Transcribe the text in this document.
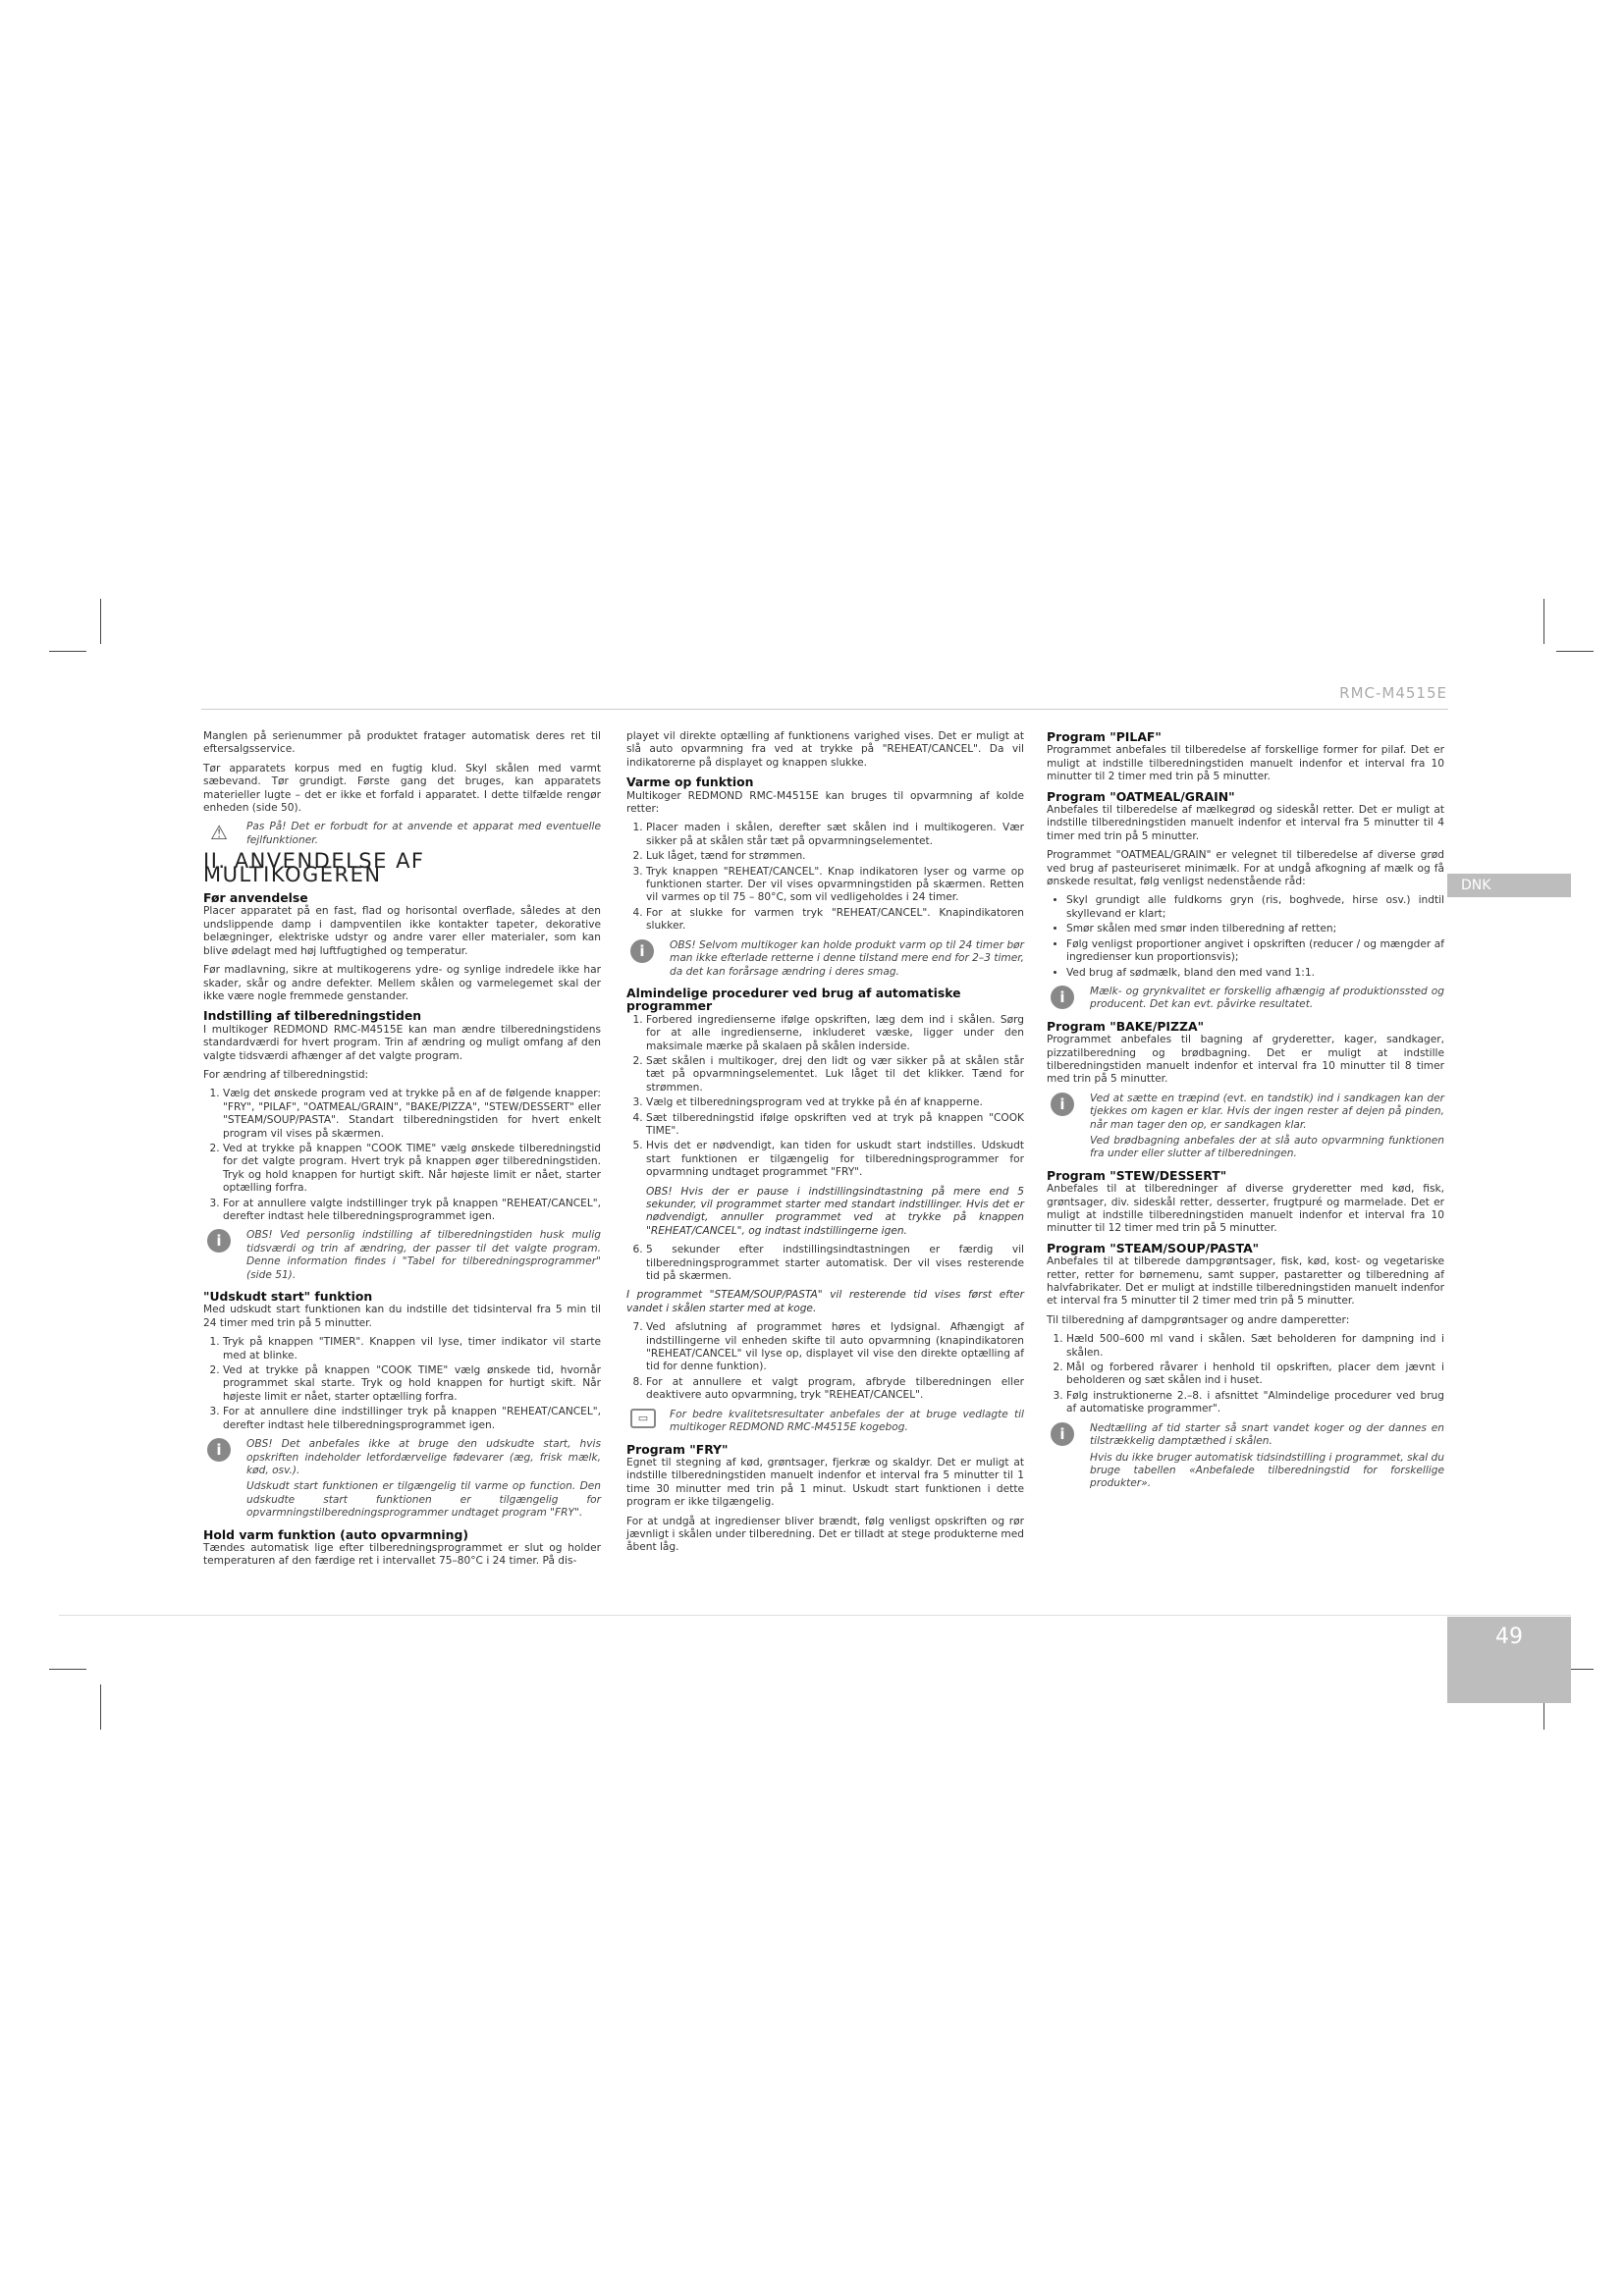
RMC-M4515E
DNK

Manglen på serienummer på produktet fratager automatisk deres ret til eftersalgsservice.

Tør apparatets korpus med en fugtig klud. Skyl skålen med varmt sæbevand. Tør grundigt. Første gang det bruges, kan apparatets materieller lugte – det er ikke et forfald i apparatet. I dette tilfælde rengør enheden (side 50).

⚠ Pas På! Det er forbudt for at anvende et apparat med eventuelle fejlfunktioner.

II. ANVENDELSE AF MULTIKOGEREN
Før anvendelse

Placer apparatet på en fast, flad og horisontal overflade, således at den undslippende damp i dampventilen ikke kontakter tapeter, dekorative belægninger, elektriske udstyr og andre varer eller materialer, som kan blive ødelagt med høj luftfugtighed og temperatur.

Før madlavning, sikre at multikogerens ydre- og synlige indredele ikke har skader, skår og andre defekter. Mellem skålen og varmelegemet skal der ikke være nogle fremmede genstander.

Indstilling af tilberedningstiden

I multikoger REDMOND RMC-M4515E kan man ændre tilberedningstidens standardværdi for hvert program. Trin af ændring og muligt omfang af den valgte tidsværdi afhænger af det valgte program.

For ændring af tilberedningstid:

1. Vælg det ønskede program ved at trykke på en af de følgende knapper: "FRY", "PILAF", "OATMEAL/GRAIN", "BAKE/PIZZA", "STEW/DESSERT" eller "STEAM/SOUP/PASTA". Standart tilberedningstiden for hvert enkelt program vil vises på skærmen.
2. Ved at trykke på knappen "COOK TIME" vælg ønskede tilberedningstid for det valgte program. Hvert tryk på knappen øger tilberedningstiden. Tryk og hold knappen for hurtigt skift. Når højeste limit er nået, starter optælling forfra.
3. For at annullere valgte indstillinger tryk på knappen "REHEAT/CANCEL", derefter indtast hele tilberedningsprogrammet igen.
i	OBS! Ved personlig indstilling af tilberedningstiden husk mulig tidsværdi og trin af ændring, der passer til det valgte program. Denne information findes i "Tabel for tilberedningsprogrammer" (side 51).

"Udskudt start" funktion

Med udskudt start funktionen kan du indstille det tidsinterval fra 5 min til 24 timer med trin på 5 minutter.

1. Tryk på knappen "TIMER". Knappen vil lyse, timer indikator vil starte med at blinke.
2. Ved at trykke på knappen "COOK TIME" vælg ønskede tid, hvornår programmet skal starte. Tryk og hold knappen for hurtigt skift. Når højeste limit er nået, starter optælling forfra.
3. For at annullere dine indstillinger tryk på knappen "REHEAT/CANCEL", derefter indtast hele tilberedningsprogrammet igen.
i	OBS! Det anbefales ikke at bruge den udskudte start, hvis opskriften indeholder letfordærvelige fødevarer (æg, frisk mælk, kød, osv.).

Udskudt start funktionen er tilgængelig til varme op function. Den udskudte start funktionen er tilgængelig for opvarmningstilberedningsprogrammer undtaget program "FRY".

Hold varm funktion (auto opvarmning)

Tændes automatisk lige efter tilberedningsprogrammet er slut og holder temperaturen af den færdige ret i intervallet 75–80°C i 24 timer. På dis-

playet vil direkte optælling af funktionens varighed vises. Det er muligt at slå auto opvarmning fra ved at trykke på "REHEAT/CANCEL". Da vil indikatorerne på displayet og knappen slukke.

Varme op funktion

Multikoger REDMOND RMC-M4515E kan bruges til opvarmning af kolde retter:

1. Placer maden i skålen, derefter sæt skålen ind i multikogeren. Vær sikker på at skålen står tæt på opvarmningselementet.
2. Luk låget, tænd for strømmen.
3. Tryk knappen "REHEAT/CANCEL". Knap indikatoren lyser og varme op funktionen starter. Der vil vises opvarmningstiden på skærmen. Retten vil varmes op til 75 – 80°C, som vil vedligeholdes i 24 timer.
4. For at slukke for varmen tryk "REHEAT/CANCEL". Knapindikatoren slukker.
i	OBS! Selvom multikoger kan holde produkt varm op til 24 timer bør man ikke efterlade retterne i denne tilstand mere end for 2–3 timer, da det kan forårsage ændring i deres smag.

Almindelige procedurer ved brug af automatiske programmer
1. Forbered ingredienserne ifølge opskriften, læg dem ind i skålen. Sørg for at alle ingredienserne, inkluderet væske, ligger under den maksimale mærke på skalaen på skålen inderside.
2. Sæt skålen i multikoger, drej den lidt og vær sikker på at skålen står tæt på opvarmningselementet. Luk låget til det klikker. Tænd for strømmen.
3. Vælg et tilberedningsprogram ved at trykke på én af knapperne.
4. Sæt tilberedningstid ifølge opskriften ved at tryk på knappen "COOK TIME".
5. Hvis det er nødvendigt, kan tiden for uskudt start indstilles. Udskudt start funktionen er tilgængelig for tilberedningsprogrammer for opvarmning undtaget programmet "FRY".

OBS! Hvis der er pause i indstillingsindtastning på mere end 5 sekunder, vil programmet starter med standart indstillinger. Hvis det er nødvendigt, annuller programmet ved at trykke på knappen "REHEAT/CANCEL", og indtast indstillingerne igen.

6. 5 sekunder efter indstillingsindtastningen er færdig vil tilberedningsprogrammet starter automatisk. Der vil vises resterende tid på skærmen.

I programmet "STEAM/SOUP/PASTA" vil resterende tid vises først efter vandet i skålen starter med at koge.

7. Ved afslutning af programmet høres et lydsignal. Afhængigt af indstillingerne vil enheden skifte til auto opvarmning (knapindikatoren "REHEAT/CANCEL" vil lyse op, displayet vil vise den direkte optælling af tid for denne funktion).
8. For at annullere et valgt program, afbryde tilberedningen eller deaktivere auto opvarmning, tryk "REHEAT/CANCEL".
▭	For bedre kvalitetsresultater anbefales der at bruge vedlagte til multikoger REDMOND RMC-M4515E kogebog.

Program "FRY"

Egnet til stegning af kød, grøntsager, fjerkræ og skaldyr. Det er muligt at indstille tilberedningstiden manuelt indenfor et interval fra 5 minutter til 1 time 30 minutter med trin på 1 minut. Uskudt start funktionen i dette program er ikke tilgængelig.

For at undgå at ingredienser bliver brændt, følg venligst opskriften og rør jævnligt i skålen under tilberedning. Det er tilladt at stege produkterne med åbent låg.

Program "PILAF"

Programmet anbefales til tilberedelse af forskellige former for pilaf. Det er muligt at indstille tilberedningstiden manuelt indenfor et interval fra 10 minutter til 2 timer med trin på 5 minutter.

Program "OATMEAL/GRAIN"

Anbefales til tilberedelse af mælkegrød og sideskål retter. Det er muligt at indstille tilberedningstiden manuelt indenfor et interval fra 5 minutter til 4 timer med trin på 5 minutter.

Programmet "OATMEAL/GRAIN" er velegnet til tilberedelse af diverse grød ved brug af pasteuriseret minimælk. For at undgå afkogning af mælk og få ønskede resultat, følg venligst nedenstående råd:

• Skyl grundigt alle fuldkorns gryn (ris, boghvede, hirse osv.) indtil skyllevand er klart;
• Smør skålen med smør inden tilberedning af retten;
• Følg venligst proportioner angivet i opskriften (reducer / og mængder af ingredienser kun proportionsvis);
• Ved brug af sødmælk, bland den med vand 1:1.
i	Mælk- og grynkvalitet er forskellig afhængig af produktionssted og producent. Det kan evt. påvirke resultatet.

Program "BAKE/PIZZA"

Programmet anbefales til bagning af gryderetter, kager, sandkager, pizzatilberedning og brødbagning. Det er muligt at indstille tilberedningstiden manuelt indenfor et interval fra 10 minutter til 8 timer med trin på 5 minutter.

i	Ved at sætte en træpind (evt. en tandstik) ind i sandkagen kan der tjekkes om kagen er klar. Hvis der ingen rester af dejen på pinden, når man tager den op, er sandkagen klar.

Ved brødbagning anbefales der at slå auto opvarmning funktionen fra under eller slutter af tilberedningen.

Program "STEW/DESSERT"

Anbefales til at tilberedninger af diverse gryderetter med kød, fisk, grøntsager, div. sideskål retter, desserter, frugtpuré og marmelade. Det er muligt at indstille tilberedningstiden manuelt indenfor et interval fra 10 minutter til 12 timer med trin på 5 minutter.

Program "STEAM/SOUP/PASTA"

Anbefales til at tilberede dampgrøntsager, fisk, kød, kost- og vegetariske retter, retter for børnemenu, samt supper, pastaretter og tilberedning af halvfabrikater. Det er muligt at indstille tilberedningstiden manuelt indenfor et interval fra 5 minutter til 2 timer med trin på 5 minutter.

Til tilberedning af dampgrøntsager og andre damperetter:

1. Hæld 500–600 ml vand i skålen. Sæt beholderen for dampning ind i skålen.
2. Mål og forbered råvarer i henhold til opskriften, placer dem jævnt i beholderen og sæt skålen ind i huset.
3. Følg instruktionerne 2.–8. i afsnittet "Almindelige procedurer ved brug af automatiske programmer".
i	Nedtælling af tid starter så snart vandet koger og der dannes en tilstrækkelig damptæthed i skålen.

Hvis du ikke bruger automatisk tidsindstilling i programmet, skal du bruge tabellen «Anbefalede tilberedningstid for forskellige produkter».

49
